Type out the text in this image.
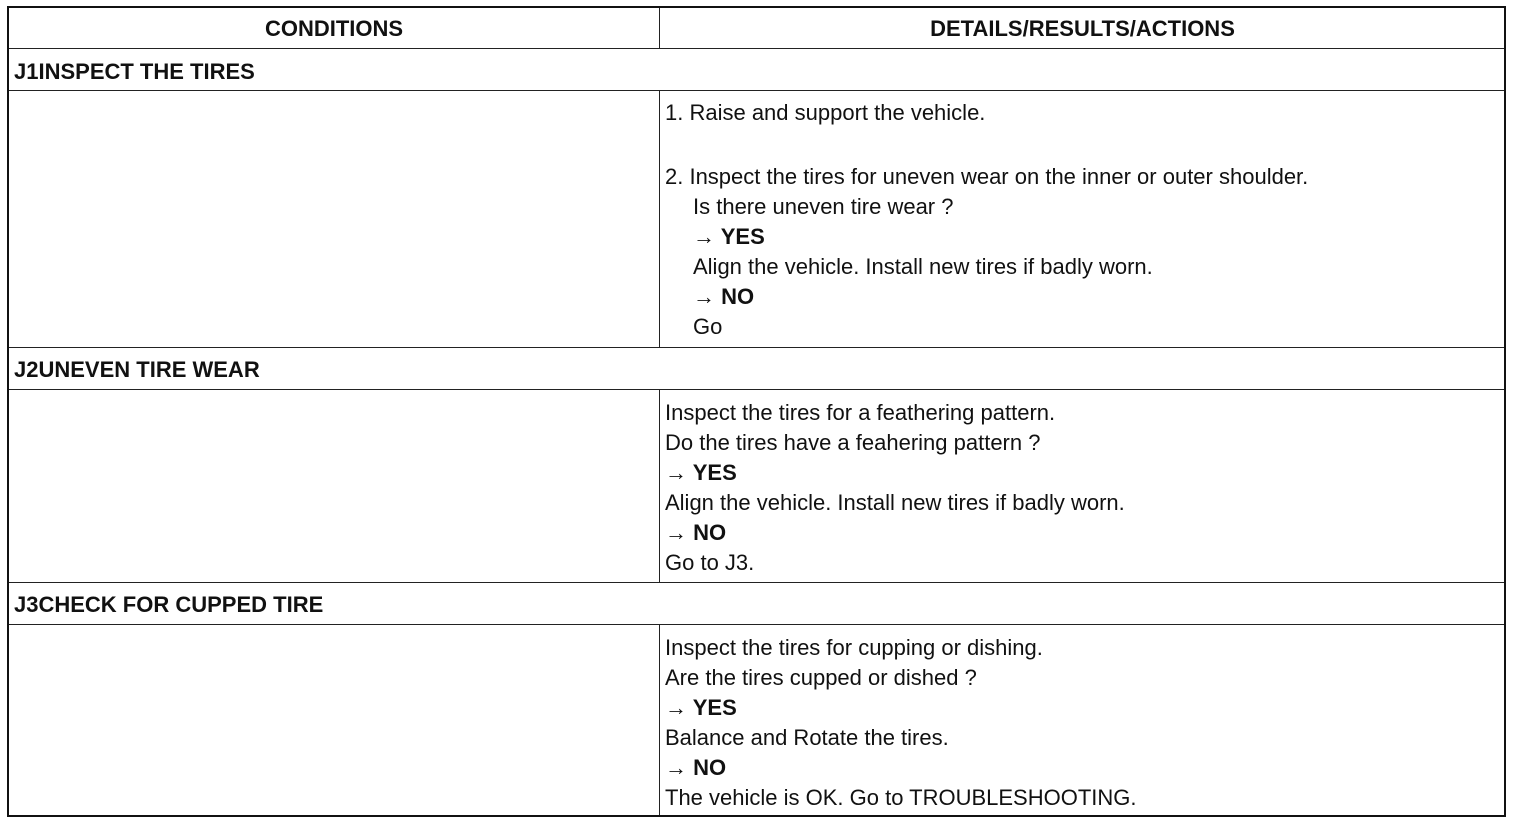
CONDITIONS	DETAILS/RESULTS/ACTIONS
J1INSPECT THE TIRES
1. Raise and support the vehicle.
2. Inspect the tires for uneven wear on the inner or outer shoulder.
Is there uneven tire wear ?
→ YES
Align the vehicle. Install new tires if badly worn.
→ NO
Go
J2UNEVEN TIRE WEAR
Inspect the tires for a feathering pattern.
Do the tires have a feahering pattern ?
→ YES
Align the vehicle. Install new tires if badly worn.
→ NO
Go to J3.
J3CHECK FOR CUPPED TIRE
Inspect the tires for cupping or dishing.
Are the tires cupped or dished ?
→ YES
Balance and Rotate the tires.
→ NO
The vehicle is OK. Go to TROUBLESHOOTING.
